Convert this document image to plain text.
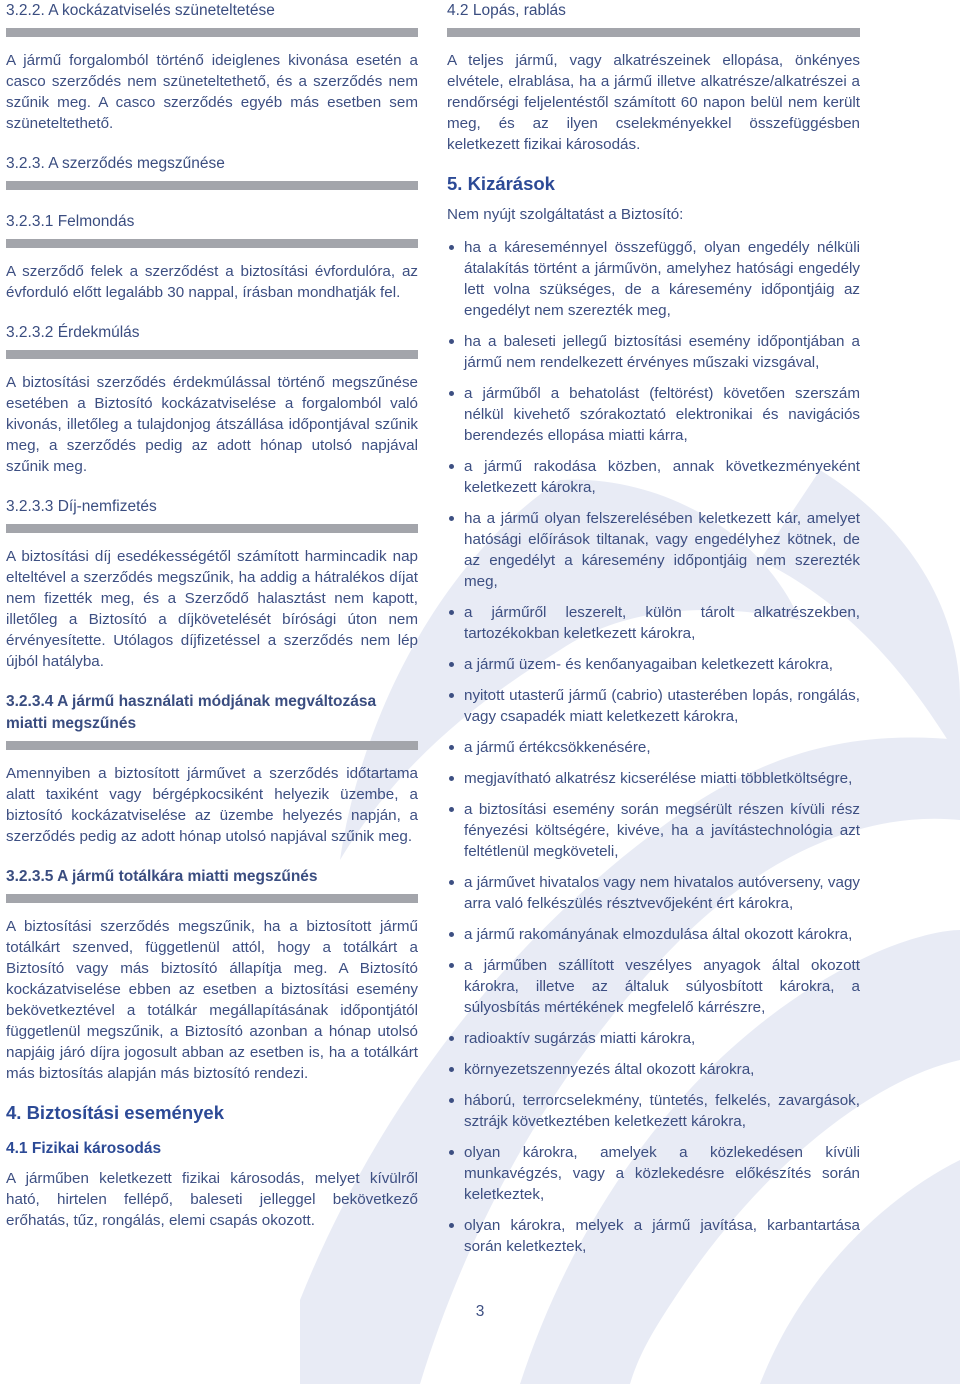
3.2.2. A kockázatviselés szüneteltetése

A jármű forgalomból történő ideiglenes kivonása esetén a casco szerződés nem szüneteltethető, és a szerződés nem szűnik meg. A casco szerződés egyéb más esetben sem szüneteltethető.

3.2.3. A szerződés megszűnése
3.2.3.1 Felmondás

A szerződő felek a szerződést a biztosítási évfordulóra, az évforduló előtt legalább 30 nappal, írásban mondhatják fel.

3.2.3.2 Érdekmúlás

A biztosítási szerződés érdekmúlással történő megszűnése esetében a Biztosító kockázatviselése a forgalomból való kivonás, illetőleg a tulajdonjog átszállása időpontjával szűnik meg, a szerződés pedig az adott hónap utolsó napjával szűnik meg.

3.2.3.3 Díj-nemfizetés

A biztosítási díj esedékességétől számított harmincadik nap elteltével a szerződés megszűnik, ha addig a hátralékos díjat nem fizették meg, és a Szerződő halasztást nem kapott, illetőleg a Biztosító a díjkövetelését bírósági úton nem érvényesítette. Utólagos díjfizetéssel a szerződés nem lép újból hatályba.

3.2.3.4 A jármű használati módjának megváltozása miatti megszűnés

Amennyiben a biztosított járművet a szerződés időtartama alatt taxiként vagy bérgépkocsiként helyezik üzembe, a biztosító kockázatviselése az üzembe helyezés napján, a szerződés pedig az adott hónap utolsó napjával szűnik meg.

3.2.3.5 A jármű totálkára miatti megszűnés

A biztosítási szerződés megszűnik, ha a biztosított jármű totálkárt szenved, függetlenül attól, hogy a totálkárt a Biztosító vagy más biztosító állapítja meg. A Biztosító kockázatviselése ebben az esetben a biztosítási esemény bekövetkeztével a totálkár megállapításának időpontjától függetlenül megszűnik, a Biztosító azonban a hónap utolsó napjáig járó díjra jogosult abban az esetben is, ha a totálkárt más biztosítás alapján más biztosító rendezi.

4. Biztosítási események
4.1 Fizikai károsodás

A járműben keletkezett fizikai károsodás, melyet kívülről ható, hirtelen fellépő, baleseti jelleggel bekövetkező erőhatás, tűz, rongálás, elemi csapás okozott.

4.2 Lopás, rablás

A teljes jármű, vagy alkatrészeinek ellopása, önkényes elvétele, elrablása, ha a jármű illetve alkatrésze/alkatrészei a rendőrségi feljelentéstől számított 60 napon belül nem került meg, és az ilyen cselekményekkel összefüggésben keletkezett fizikai károsodás.

5. Kizárások

Nem nyújt szolgáltatást a Biztosító:

ha a káreseménnyel összefüggő, olyan engedély nélküli átalakítás történt a járművön, amelyhez hatósági engedély lett volna szükséges, de a káresemény időpontjáig az engedélyt nem szerezték meg,
ha a baleseti jellegű biztosítási esemény időpontjában a jármű nem rendelkezett érvényes műszaki vizsgával,
a járműből a behatolást (feltörést) követően szerszám nélkül kivehető szórakoztató elektronikai és navigációs berendezés ellopása miatti kárra,
a jármű rakodása közben, annak következményeként keletkezett károkra,
ha a jármű olyan felszerelésében keletkezett kár, amelyet hatósági előírások tiltanak, vagy engedélyhez kötnek, de az engedélyt a káresemény időpontjáig nem szerezték meg,
a járműről leszerelt, külön tárolt alkatrészekben, tartozékokban keletkezett károkra,
a jármű üzem- és kenőanyagaiban keletkezett károkra,
nyitott utasterű jármű (cabrio) utasterében lopás, rongálás, vagy csapadék miatt keletkezett károkra,
a jármű értékcsökkenésére,
megjavítható alkatrész kicserélése miatti többletköltségre,
a biztosítási esemény során megsérült részen kívüli rész fényezési költségére, kivéve, ha a javítástechnológia azt feltétlenül megköveteli,
a járművet hivatalos vagy nem hivatalos autóverseny, vagy arra való felkészülés résztvevőjeként ért károkra,
a jármű rakományának elmozdulása által okozott károkra,
a járműben szállított veszélyes anyagok által okozott károkra, illetve az általuk súlyosbított károkra, a súlyosbítás mértékének megfelelő kárrészre,
radioaktív sugárzás miatti károkra,
környezetszennyezés által okozott károkra,
háború, terrorcselekmény, tüntetés, felkelés, zavargások, sztrájk következtében keletkezett károkra,
olyan károkra, amelyek a közlekedésen kívüli munkavégzés, vagy a közlekedésre előkészítés során keletkeztek,
olyan károkra, melyek a jármű javítása, karbantartása során keletkeztek,
3
